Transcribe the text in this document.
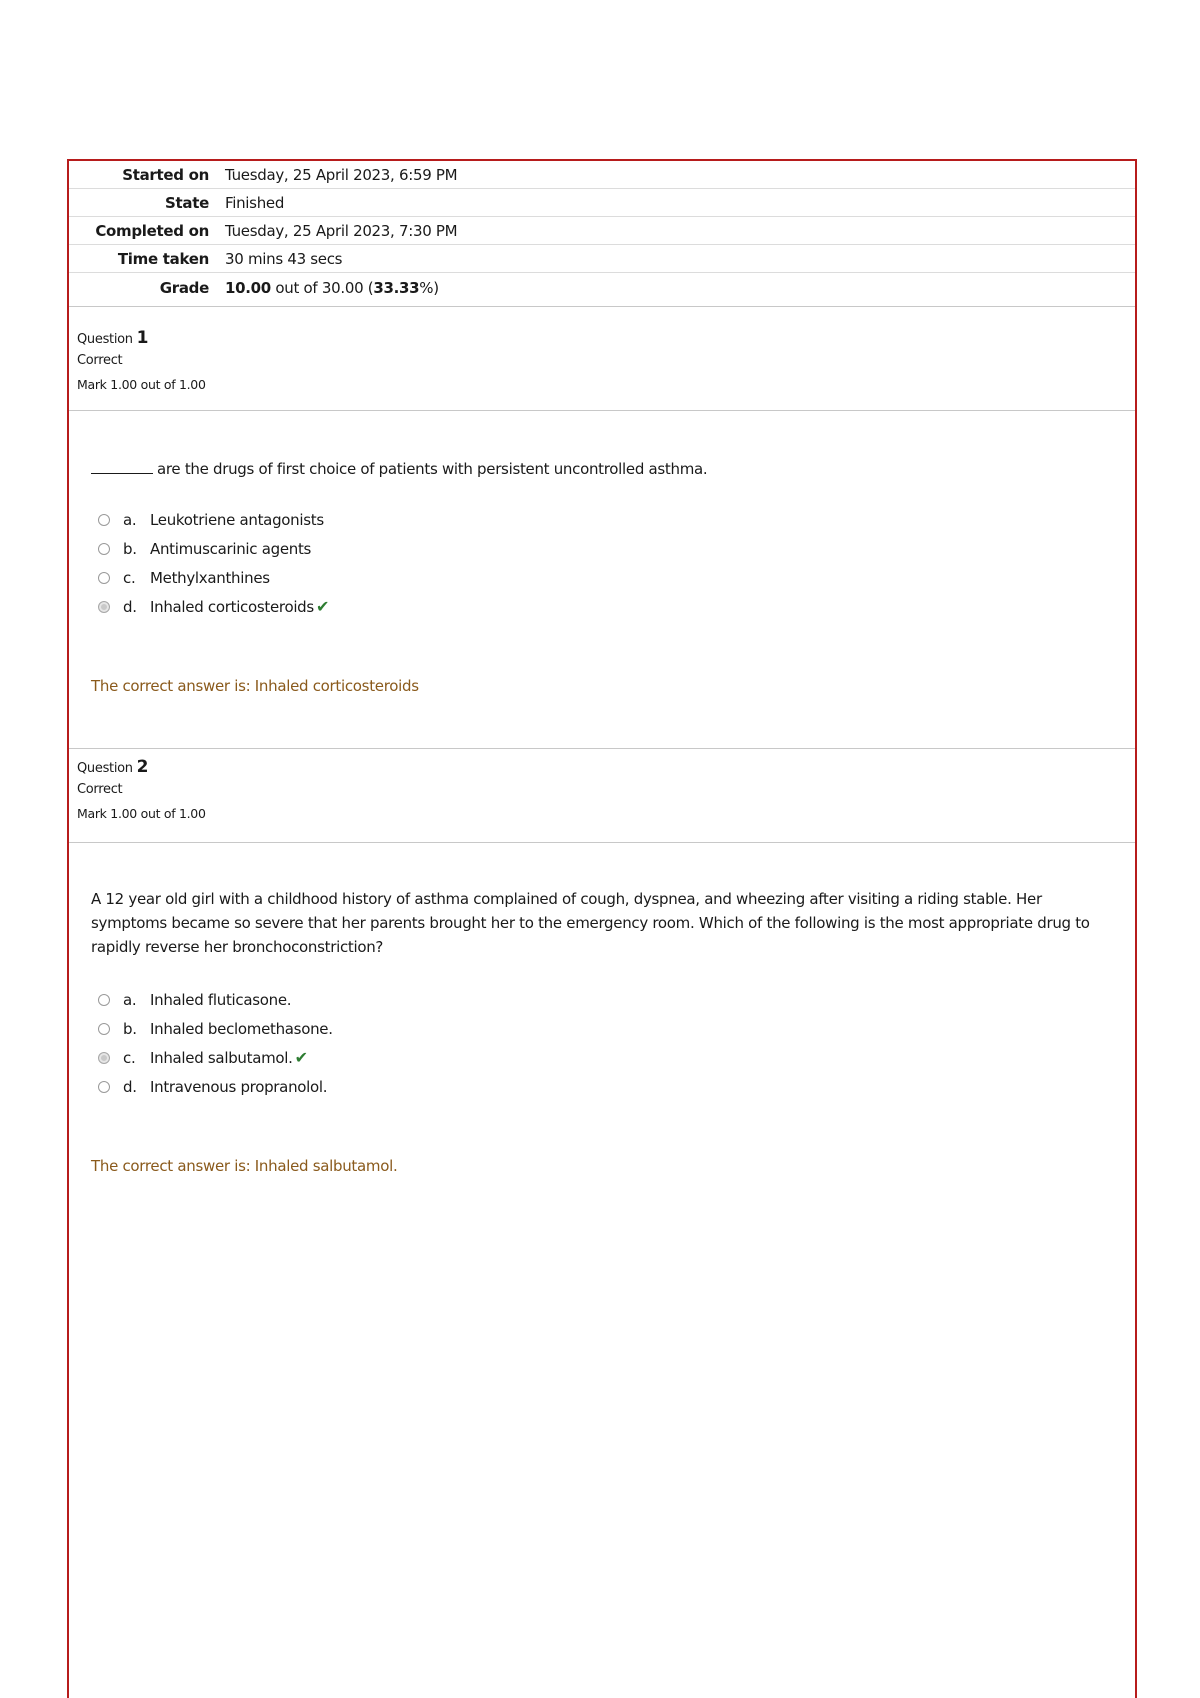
Started on	Tuesday, 25 April 2023, 6:59 PM
State	Finished
Completed on	Tuesday, 25 April 2023, 7:30 PM
Time taken	30 mins 43 secs
Grade	10.00 out of 30.00 (33.33%)
Question 1
Correct
Mark 1.00 out of 1.00
are the drugs of first choice of patients with persistent uncontrolled asthma.
a. Leukotriene antagonists
b. Antimuscarinic agents
c. Methylxanthines
d. Inhaled corticosteroids ✔
The correct answer is: Inhaled corticosteroids
Question 2
Correct
Mark 1.00 out of 1.00
A 12 year old girl with a childhood history of asthma complained of cough, dyspnea, and wheezing after visiting a riding stable. Her symptoms became so severe that her parents brought her to the emergency room. Which of the following is the most appropriate drug to rapidly reverse her bronchoconstriction?
a. Inhaled fluticasone.
b. Inhaled beclomethasone.
c. Inhaled salbutamol. ✔
d. Intravenous propranolol.
The correct answer is: Inhaled salbutamol.
